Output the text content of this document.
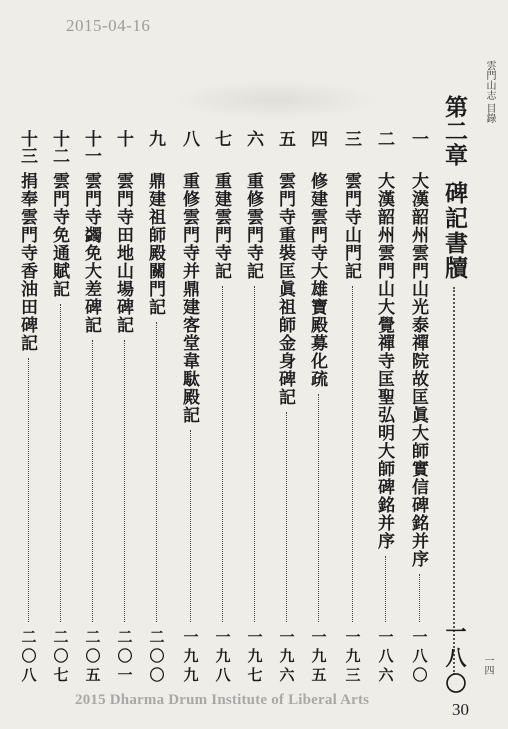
2015-04-16
雲門山志 目錄
第二章碑記書牘
一
八
〇
一
大漢韶州雲門山光泰禪院故匡眞大師實信碑銘并序
一
八
〇
二
大漢韶州雲門山大覺禪寺匡聖弘明大師碑銘并序
一
八
六
三
雲門寺山門記
一
九
三
四
修建雲門寺大雄寶殿募化疏
一
九
五
五
雲門寺重裝匡眞祖師金身碑記
一
九
六
六
重修雲門寺記
一
九
七
七
重建雲門寺記
一
九
八
八
重修雲門寺并鼎建客堂韋駄殿記
一
九
九
九
鼎建祖師殿關門記
二
〇
〇
十
雲門寺田地山場碑記
二
〇
一
十一
雲門寺蠲免大差碑記
二
〇
五
十二
雲門寺免通賦記
二
〇
七
十三
捐奉雲門寺香油田碑記
二
〇
八	一四
2015 Dharma Drum Institute of Liberal Arts	30
